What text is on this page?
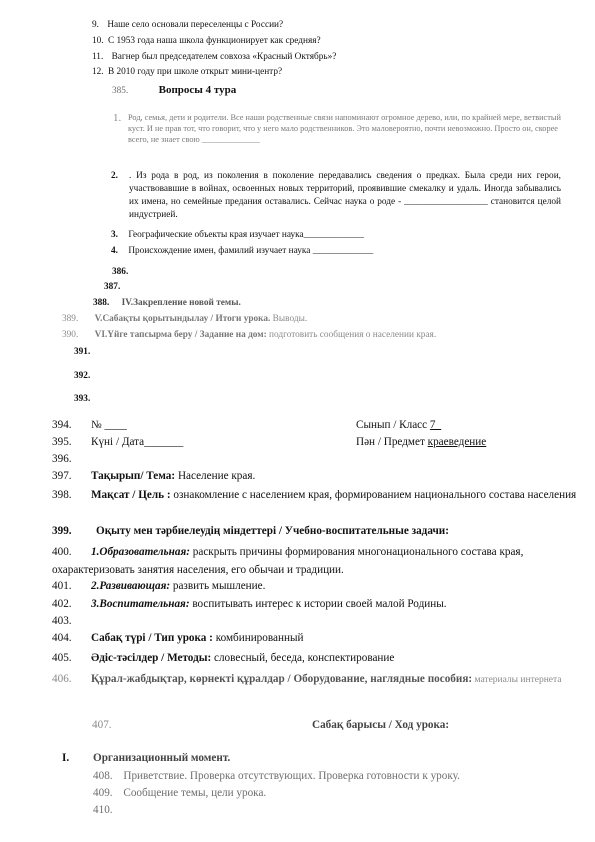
9. Наше село основали переселенцы с России?
10. С 1953 года наша школа функционирует как средняя?
11. Вагнер был председателем совхоза «Красный Октябрь»?
12. В 2010 году при школе открыт мини-центр?
385.	Вопросы 4 тура
1. Род, семья, дети и родители. Все наши родственные связи напоминают огромное дерево, или, по крайней мере, ветвистый куст. И не прав тот, что говорит, что у него мало родственников. Это маловероятно, почти невозможно. Просто он, скорее всего, не знает свою ______________
2. . Из рода в род, из поколения в поколение передавались сведения о предках. Была среди них герои, участвовавшие в войнах, освоенных новых территорий, проявившие смекалку и удаль. Иногда забывались их имена, но семейные предания оставались. Сейчас наука о роде - __________________ становится целой индустрией.
3. Географические объекты края изучает наука_____________
4. Происхождение имен, фамилий изучает наука _____________
386.
387.
388. IV.Закрепление новой темы.
389. V.Сабақты қорытындылау / Итоги урока. Выводы.
390. VI.Үйге тапсырма беру / Задание на дом: подготовить сообщения о населении края.
391.
392.
393.
394. № ____	Сынып / Класс 7_
395. Күні / Дата_______	Пән / Предмет краеведение
396.
397. Тақырып/ Тема: Население края.
398. Мақсат / Цель : ознакомление с населением края, формированием национального состава населения
399. Оқыту мен тәрбиелеудің міндеттері / Учебно-воспитательные задачи:
400. 1.Образовательная: раскрыть причины формирования многонационального состава края, охарактеризовать занятия населения, его обычаи и традиции.
401. 2.Развивающая: развить мышление.
402. 3.Воспитательная: воспитывать интерес к истории своей малой Родины.
403.
404. Сабақ түрі / Тип урока : комбинированный
405. Әдіс-тәсілдер / Методы: словесный, беседа, конспектирование
406. Құрал-жабдықтар, көрнекті құралдар / Оборудование, наглядные пособия: материалы интернета
407.	Сабақ барысы / Ход урока:
I. Организационный момент.
408. Приветствие. Проверка отсутствующих. Проверка готовности к уроку.
409. Сообщение темы, цели урока.
410.
